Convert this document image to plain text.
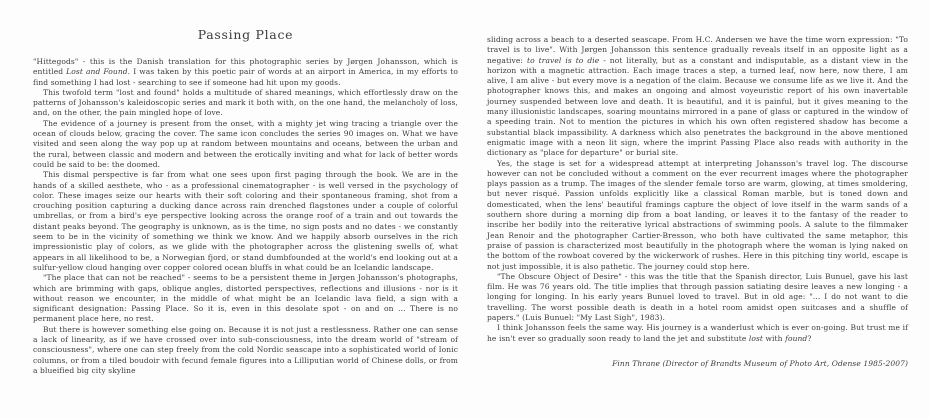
Passing Place

"Hittegods" - this is the Danish translation for this photographic series by Jørgen Johansson, which is entitled Lost and Found. I was taken by this poetic pair of words at an airport in America, in my efforts to find something I had lost - searching to see if someone had hit upon my goods.

This twofold term "lost and found" holds a multitude of shared meanings, which effortlessly draw on the patterns of Johansson's kaleidoscopic series and mark it both with, on the one hand, the melancholy of loss, and, on the other, the pain mingled hope of love.

The evidence of a journey is present from the onset, with a mighty jet wing tracing a triangle over the ocean of clouds below, gracing the cover. The same icon concludes the series 90 images on. What we have visited and seen along the way pop up at random between mountains and oceans, between the urban and the rural, between classic and modern and between the erotically inviting and what for lack of better words could be said to be: the doomed.

This dismal perspective is far from what one sees upon first paging through the book. We are in the hands of a skilled aesthete, who - as a professional cinematographer - is well versed in the psychology of color. These images seize our hearts with their soft coloring and their spontaneous framing, shot from a crouching position capturing a ducking dance across rain drenched flagstones under a couple of colorful umbrellas, or from a bird's eye perspective looking across the orange roof of a train and out towards the distant peaks beyond. The geography is unknown, as is the time, no sign posts and no dates - we constantly seem to be in the vicinity of something we think we know. And we happily absorb ourselves in the rich impressionistic play of colors, as we glide with the photographer across the glistening swells of, what appears in all likelihood to be, a Norwegian fjord, or stand dumbfounded at the world's end looking out at a sulfur-yellow cloud hanging over copper colored ocean bluffs in what could be an Icelandic landscape.

"The place that can not be reached" - seems to be a persistent theme in Jørgen Johansson's photographs, which are brimming with gaps, oblique angles, distorted perspectives, reflections and illusions - nor is it without reason we encounter, in the middle of what might be an Icelandic lava field, a sign with a significant designation: Passing Place. So it is, even in this desolate spot - on and on ... There is no permanent place here, no rest.

But there is however something else going on. Because it is not just a restlessness. Rather one can sense a lack of linearity, as if we have crossed over into sub-consciousness, into the dream world of "stream of consciousness", where one can step freely from the cold Nordic seascape into a sophisticated world of Ionic columns, or from a tiled boudoir with fecund female figures into a Lilliputian world of Chinese dolls, or from a blueified big city skyline

sliding across a beach to a deserted seascape. From H.C. Andersen we have the time worn expression: "To travel is to live". With Jørgen Johansson this sentence gradually reveals itself in an opposite light as a negative: to travel is to die - not literally, but as a constant and indisputable, as a distant view in the horizon with a magnetic attraction. Each image traces a step, a turned leaf, now here, now there, I am alive, I am alive - but every move is a negation of the claim. Because we consume life as we live it. And the photographer knows this, and makes an ongoing and almost voyeuristic report of his own inavertable journey suspended between love and death. It is beautiful, and it is painful, but it gives meaning to the many illusionistic landscapes, soaring mountains mirrored in a pane of glass or captured in the window of a speeding train. Not to mention the pictures in which his own often registered shadow has become a substantial black impassibility. A darkness which also penetrates the background in the above mentioned enigmatic image with a neon lit sign, where the imprint Passing Place also reads with authority in the dictionary as "place for departure" or burial site.

Yes, the stage is set for a widespread attempt at interpreting Johansson's travel log. The discourse however can not be concluded without a comment on the ever recurrent images where the photographer plays passion as a trump. The images of the slender female torso are warm, glowing, at times smoldering, but never risqué. Passion unfolds explicitly like a classical Roman marble, but is toned down and domesticated, when the lens' beautiful framings capture the object of love itself in the warm sands of a southern shore during a morning dip from a boat landing, or leaves it to the fantasy of the reader to inscribe her bodily into the reiterative lyrical abstractions of swimming pools. A salute to the filmmaker Jean Renoir and the photographer Cartier-Bresson, who both have cultivated the same metaphor, this praise of passion is characterized most beautifully in the photograph where the woman is lying naked on the bottom of the rowboat covered by the wickerwork of rushes. Here in this pitching tiny world, escape is not just impossible, it is also pathetic. The journey could stop here.

"The Obscure Object of Desire" - this was the title that the Spanish director, Luis Bunuel, gave his last film. He was 76 years old. The title implies that through passion satiating desire leaves a new longing - a longing for longing. In his early years Bunuel loved to travel. But in old age: "... I do not want to die travelling. The worst possible death is death in a hotel room amidst open suitcases and a shuffle of papers." (Luis Bunuel: "My Last Sigh", 1983).

I think Johansson feels the same way. His journey is a wanderlust which is ever on-going. But trust me if he isn't ever so gradually soon ready to land the jet and substitute lost with found?

Finn Thrane (Director of Brandts Museum of Photo Art, Odense 1985-2007)
